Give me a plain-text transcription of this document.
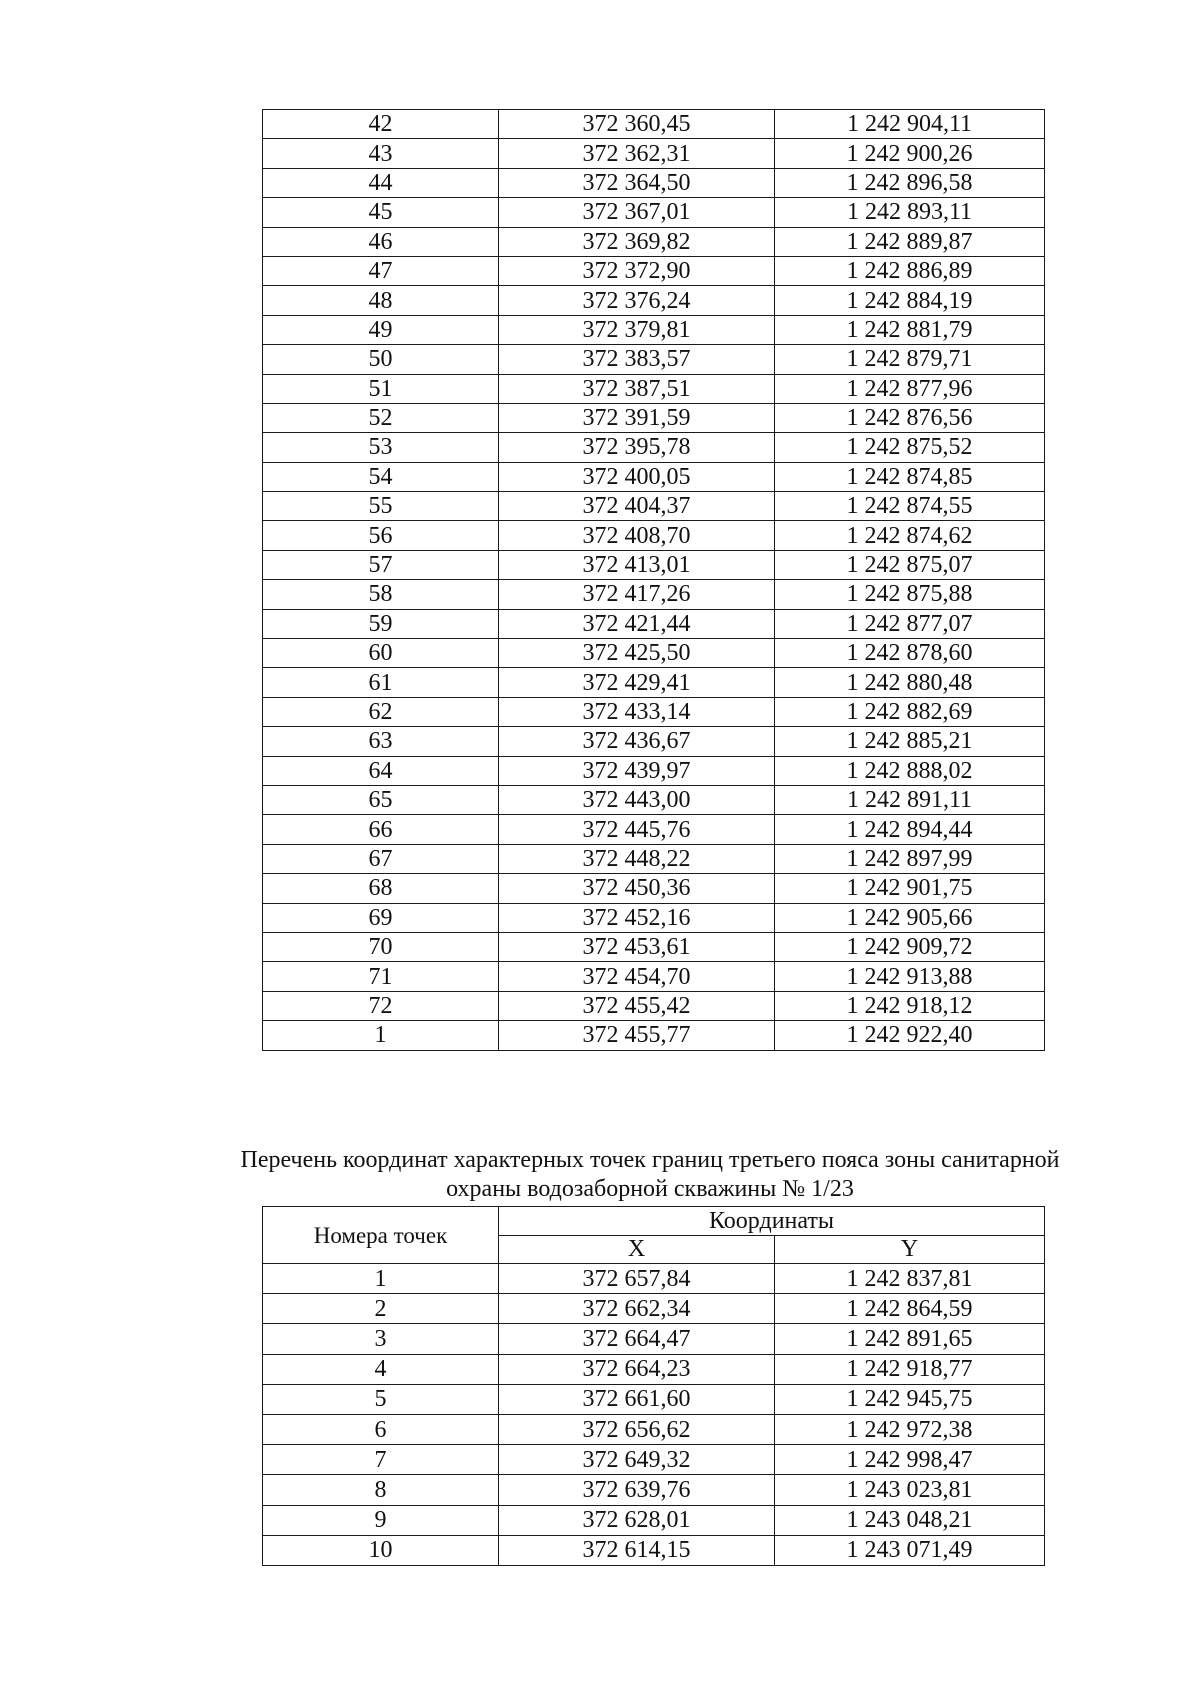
42	372 360,45	1 242 904,11
43	372 362,31	1 242 900,26
44	372 364,50	1 242 896,58
45	372 367,01	1 242 893,11
46	372 369,82	1 242 889,87
47	372 372,90	1 242 886,89
48	372 376,24	1 242 884,19
49	372 379,81	1 242 881,79
50	372 383,57	1 242 879,71
51	372 387,51	1 242 877,96
52	372 391,59	1 242 876,56
53	372 395,78	1 242 875,52
54	372 400,05	1 242 874,85
55	372 404,37	1 242 874,55
56	372 408,70	1 242 874,62
57	372 413,01	1 242 875,07
58	372 417,26	1 242 875,88
59	372 421,44	1 242 877,07
60	372 425,50	1 242 878,60
61	372 429,41	1 242 880,48
62	372 433,14	1 242 882,69
63	372 436,67	1 242 885,21
64	372 439,97	1 242 888,02
65	372 443,00	1 242 891,11
66	372 445,76	1 242 894,44
67	372 448,22	1 242 897,99
68	372 450,36	1 242 901,75
69	372 452,16	1 242 905,66
70	372 453,61	1 242 909,72
71	372 454,70	1 242 913,88
72	372 455,42	1 242 918,12
1	372 455,77	1 242 922,40
Перечень координат характерных точек границ третьего пояса зоны санитарной
охраны водозаборной скважины № 1/23
Номера точек	Координаты	
	X	Y
1	372 657,84	1 242 837,81
2	372 662,34	1 242 864,59
3	372 664,47	1 242 891,65
4	372 664,23	1 242 918,77
5	372 661,60	1 242 945,75
6	372 656,62	1 242 972,38
7	372 649,32	1 242 998,47
8	372 639,76	1 243 023,81
9	372 628,01	1 243 048,21
10	372 614,15	1 243 071,49
